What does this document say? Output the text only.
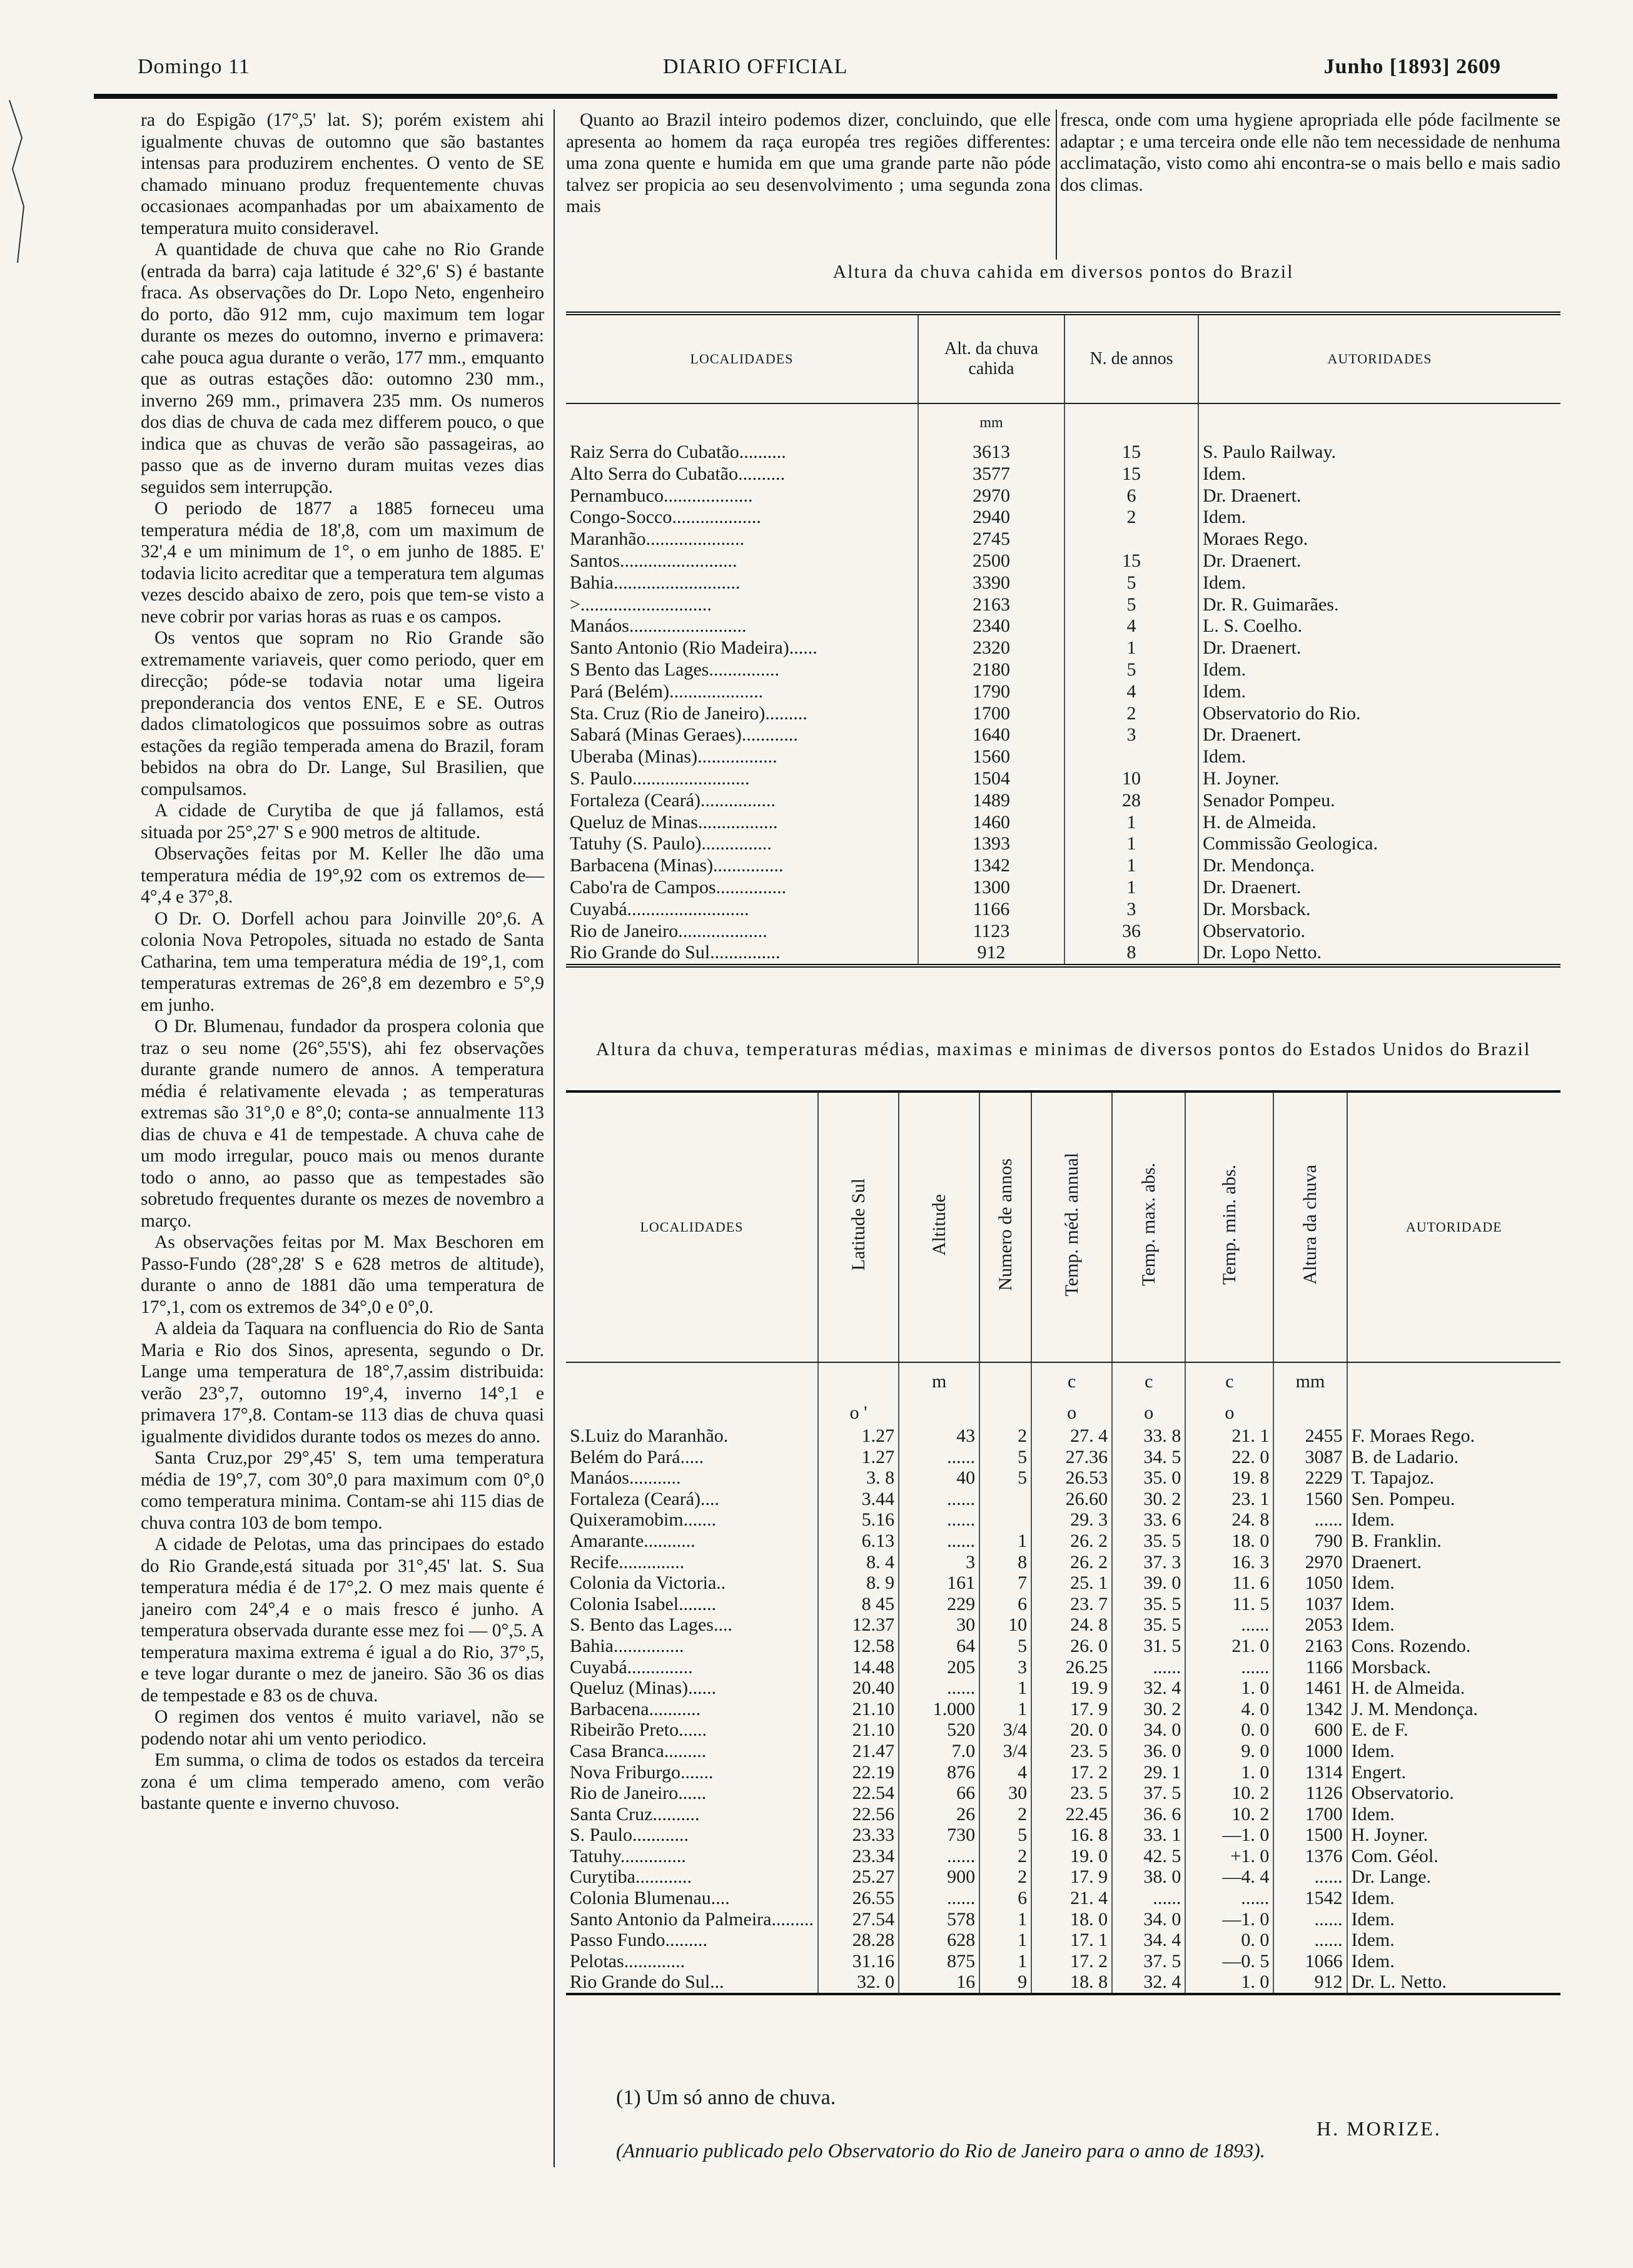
Domingo 11	DIARIO OFFICIAL	Junho [1893] 2609

ra do Espigão (17°,5' lat. S); porém existem ahi igualmente chuvas de outomno que são bastantes intensas para produzirem enchentes. O vento de SE chamado minuano produz frequentemente chuvas occasionaes acompanhadas por um abaixamento de temperatura muito consideravel.

A quantidade de chuva que cahe no Rio Grande (entrada da barra) caja latitude é 32°,6' S) é bastante fraca. As observações do Dr. Lopo Neto, engenheiro do porto, dão 912 mm, cujo maximum tem logar durante os mezes do outomno, inverno e primavera: cahe pouca agua durante o verão, 177 mm., emquanto que as outras estações dão: outomno 230 mm., inverno 269 mm., primavera 235 mm. Os numeros dos dias de chuva de cada mez differem pouco, o que indica que as chuvas de verão são passageiras, ao passo que as de inverno duram muitas vezes dias seguidos sem interrupção.

O periodo de 1877 a 1885 forneceu uma temperatura média de 18',8, com um maximum de 32',4 e um minimum de 1°, o em junho de 1885. E' todavia licito acreditar que a temperatura tem algumas vezes descido abaixo de zero, pois que tem-se visto a neve cobrir por varias horas as ruas e os campos.

Os ventos que sopram no Rio Grande são extremamente variaveis, quer como periodo, quer em direcção; póde-se todavia notar uma ligeira preponderancia dos ventos ENE, E e SE. Outros dados climatologicos que possuimos sobre as outras estações da região temperada amena do Brazil, foram bebidos na obra do Dr. Lange, Sul Brasilien, que compulsamos.

A cidade de Curytiba de que já fallamos, está situada por 25°,27' S e 900 metros de altitude.

Observações feitas por M. Keller lhe dão uma temperatura média de 19°,92 com os extremos de—4°,4 e 37°,8.

O Dr. O. Dorfell achou para Joinville 20°,6. A colonia Nova Petropoles, situada no estado de Santa Catharina, tem uma temperatura média de 19°,1, com temperaturas extremas de 26°,8 em dezembro e 5°,9 em junho.

O Dr. Blumenau, fundador da prospera colonia que traz o seu nome (26°,55'S), ahi fez observações durante grande numero de annos. A temperatura média é relativamente elevada ; as temperaturas extremas são 31°,0 e 8°,0; conta-se annualmente 113 dias de chuva e 41 de tempestade. A chuva cahe de um modo irregular, pouco mais ou menos durante todo o anno, ao passo que as tempestades são sobretudo frequentes durante os mezes de novembro a março.

As observações feitas por M. Max Beschoren em Passo-Fundo (28°,28' S e 628 metros de altitude), durante o anno de 1881 dão uma temperatura de 17°,1, com os extremos de 34°,0 e 0°,0.

A aldeia da Taquara na confluencia do Rio de Santa Maria e Rio dos Sinos, apresenta, segundo o Dr. Lange uma temperatura de 18°,7,assim distribuida: verão 23°,7, outomno 19°,4, inverno 14°,1 e primavera 17°,8. Contam-se 113 dias de chuva quasi igualmente divididos durante todos os mezes do anno.

Santa Cruz,por 29°,45' S, tem uma temperatura média de 19°,7, com 30°,0 para maximum com 0°,0 como temperatura minima. Contam-se ahi 115 dias de chuva contra 103 de bom tempo.

A cidade de Pelotas, uma das principaes do estado do Rio Grande,está situada por 31°,45' lat. S. Sua temperatura média é de 17°,2. O mez mais quente é janeiro com 24°,4 e o mais fresco é junho. A temperatura observada durante esse mez foi — 0°,5. A temperatura maxima extrema é igual a do Rio, 37°,5, e teve logar durante o mez de janeiro. São 36 os dias de tempestade e 83 os de chuva.

O regimen dos ventos é muito variavel, não se podendo notar ahi um vento periodico.

Em summa, o clima de todos os estados da terceira zona é um clima temperado ameno, com verão bastante quente e inverno chuvoso.

Quanto ao Brazil inteiro podemos dizer, concluindo, que elle apresenta ao homem da raça européa tres regiões differentes: uma zona quente e humida em que uma grande parte não póde talvez ser propicia ao seu desenvolvimento ; uma segunda zona mais

fresca, onde com uma hygiene apropriada elle póde facilmente se adaptar ; e uma terceira onde elle não tem necessidade de nenhuma acclimatação, visto como ahi encontra-se o mais bello e mais sadio dos climas.

Altura da chuva cahida em diversos pontos do Brazil
LOCALIDADES	Alt. da chuva cahida	N. de annos	AUTORIDADES
	mm		
Raiz Serra do Cubatão..........	3613	15	S. Paulo Railway.
Alto Serra do Cubatão..........	3577	15	Idem.
Pernambuco...................	2970	6	Dr. Draenert.
Congo-Socco...................	2940	2	Idem.
Maranhão.....................	2745		Moraes Rego.
Santos.........................	2500	15	Dr. Draenert.
Bahia...........................	3390	5	Idem.
>............................	2163	5	Dr. R. Guimarães.
Manáos.........................	2340	4	L. S. Coelho.
Santo Antonio (Rio Madeira)......	2320	1	Dr. Draenert.
S Bento das Lages...............	2180	5	Idem.
Pará (Belém)....................	1790	4	Idem.
Sta. Cruz (Rio de Janeiro).........	1700	2	Observatorio do Rio.
Sabará (Minas Geraes)............	1640	3	Dr. Draenert.
Uberaba (Minas).................	1560		Idem.
S. Paulo.........................	1504	10	H. Joyner.
Fortaleza (Ceará)................	1489	28	Senador Pompeu.
Queluz de Minas.................	1460	1	H. de Almeida.
Tatuhy (S. Paulo)...............	1393	1	Commissão Geologica.
Barbacena (Minas)...............	1342	1	Dr. Mendonça.
Cabo'ra de Campos...............	1300	1	Dr. Draenert.
Cuyabá..........................	1166	3	Dr. Morsback.
Rio de Janeiro...................	1123	36	Observatorio.
Rio Grande do Sul...............	912	8	Dr. Lopo Netto.
Altura da chuva, temperaturas médias, maximas e minimas de diversos pontos do Estados Unidos do Brazil
LOCALIDADES	Latitude Sul	Altitude	Numero de annos	Temp. méd. annual	Temp. max. abs.	Temp. min. abs.	Altura da chuva	AUTORIDADE
		m		c	c	c	mm	
	o '			o	o	o		
S.Luiz do Maranhão.	1.27	43	2	27. 4	33. 8	21. 1	2455	F. Moraes Rego.
Belém do Pará.....	1.27	......	5	27.36	34. 5	22. 0	3087	B. de Ladario.
Manáos...........	3. 8	40	5	26.53	35. 0	19. 8	2229	T. Tapajoz.
Fortaleza (Ceará)....	3.44	......		26.60	30. 2	23. 1	1560	Sen. Pompeu.
Quixeramobim.......	5.16	......		29. 3	33. 6	24. 8	......	Idem.
Amarante...........	6.13	......	1	26. 2	35. 5	18. 0	790	B. Franklin.
Recife..............	8. 4	3	8	26. 2	37. 3	16. 3	2970	Draenert.
Colonia da Victoria..	8. 9	161	7	25. 1	39. 0	11. 6	1050	Idem.
Colonia Isabel........	8 45	229	6	23. 7	35. 5	11. 5	1037	Idem.
S. Bento das Lages....	12.37	30	10	24. 8	35. 5	......	2053	Idem.
Bahia...............	12.58	64	5	26. 0	31. 5	21. 0	2163	Cons. Rozendo.
Cuyabá..............	14.48	205	3	26.25	......	......	1166	Morsback.
Queluz (Minas)......	20.40	......	1	19. 9	32. 4	1. 0	1461	H. de Almeida.
Barbacena...........	21.10	1.000	1	17. 9	30. 2	4. 0	1342	J. M. Mendonça.
Ribeirão Preto......	21.10	520	3/4	20. 0	34. 0	0. 0	600	E. de F.
Casa Branca.........	21.47	7.0	3/4	23. 5	36. 0	9. 0	1000	Idem.
Nova Friburgo.......	22.19	876	4	17. 2	29. 1	1. 0	1314	Engert.
Rio de Janeiro......	22.54	66	30	23. 5	37. 5	10. 2	1126	Observatorio.
Santa Cruz..........	22.56	26	2	22.45	36. 6	10. 2	1700	Idem.
S. Paulo............	23.33	730	5	16. 8	33. 1	—1. 0	1500	H. Joyner.
Tatuhy..............	23.34	......	2	19. 0	42. 5	+1. 0	1376	Com. Géol.
Curytiba............	25.27	900	2	17. 9	38. 0	—4. 4	......	Dr. Lange.
Colonia Blumenau....	26.55	......	6	21. 4	......	......	1542	Idem.
Santo Antonio da Palmeira.........	27.54	578	1	18. 0	34. 0	—1. 0	......	Idem.
Passo Fundo.........	28.28	628	1	17. 1	34. 4	0. 0	......	Idem.
Pelotas.............	31.16	875	1	17. 2	37. 5	—0. 5	1066	Idem.
Rio Grande do Sul...	32. 0	16	9	18. 8	32. 4	1. 0	912	Dr. L. Netto.
(1) Um só anno de chuva.
H. MORIZE.
(Annuario publicado pelo Observatorio do Rio de Janeiro para o anno de 1893).
